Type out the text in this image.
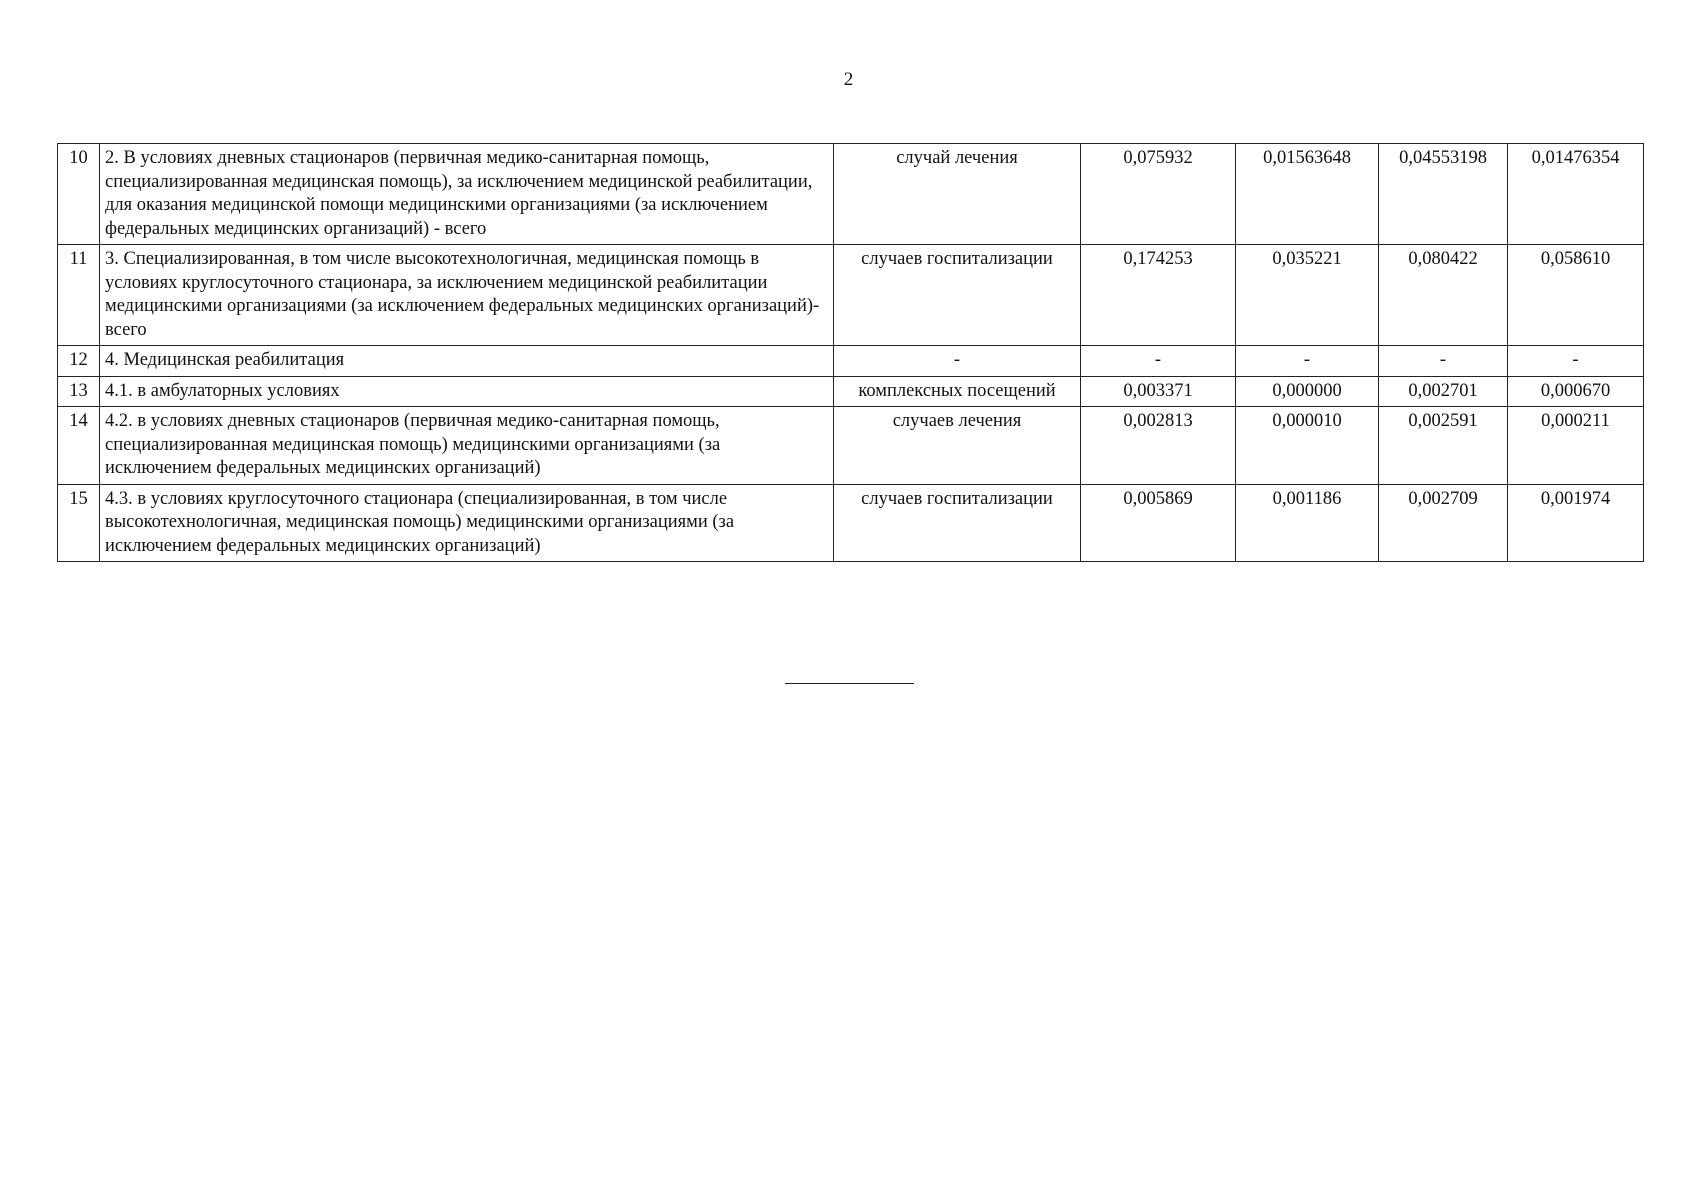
2
10	2. В условиях дневных стационаров (первичная медико-санитарная помощь, специализированная медицинская помощь), за исключением медицинской реабилитации, для оказания медицинской помощи медицинскими организациями (за исключением федеральных медицинских организаций) - всего	случай лечения	0,075932	0,01563648	0,04553198	0,01476354
11	3. Специализированная, в том числе высокотехнологичная, медицинская помощь в условиях круглосуточного стационара, за исключением медицинской реабилитации медицинскими организациями (за исключением федеральных медицинских организаций)- всего	случаев госпитализации	0,174253	0,035221	0,080422	0,058610
12	4. Медицинская реабилитация	-	-	-	-	-
13	4.1. в амбулаторных условиях	комплексных посещений	0,003371	0,000000	0,002701	0,000670
14	4.2. в условиях дневных стационаров (первичная медико-санитарная помощь, специализированная медицинская помощь) медицинскими организациями (за исключением федеральных медицинских организаций)	случаев лечения	0,002813	0,000010	0,002591	0,000211
15	4.3. в условиях круглосуточного стационара (специализированная, в том числе высокотехнологичная, медицинская помощь) медицинскими организациями (за исключением федеральных медицинских организаций)	случаев госпитализации	0,005869	0,001186	0,002709	0,001974
